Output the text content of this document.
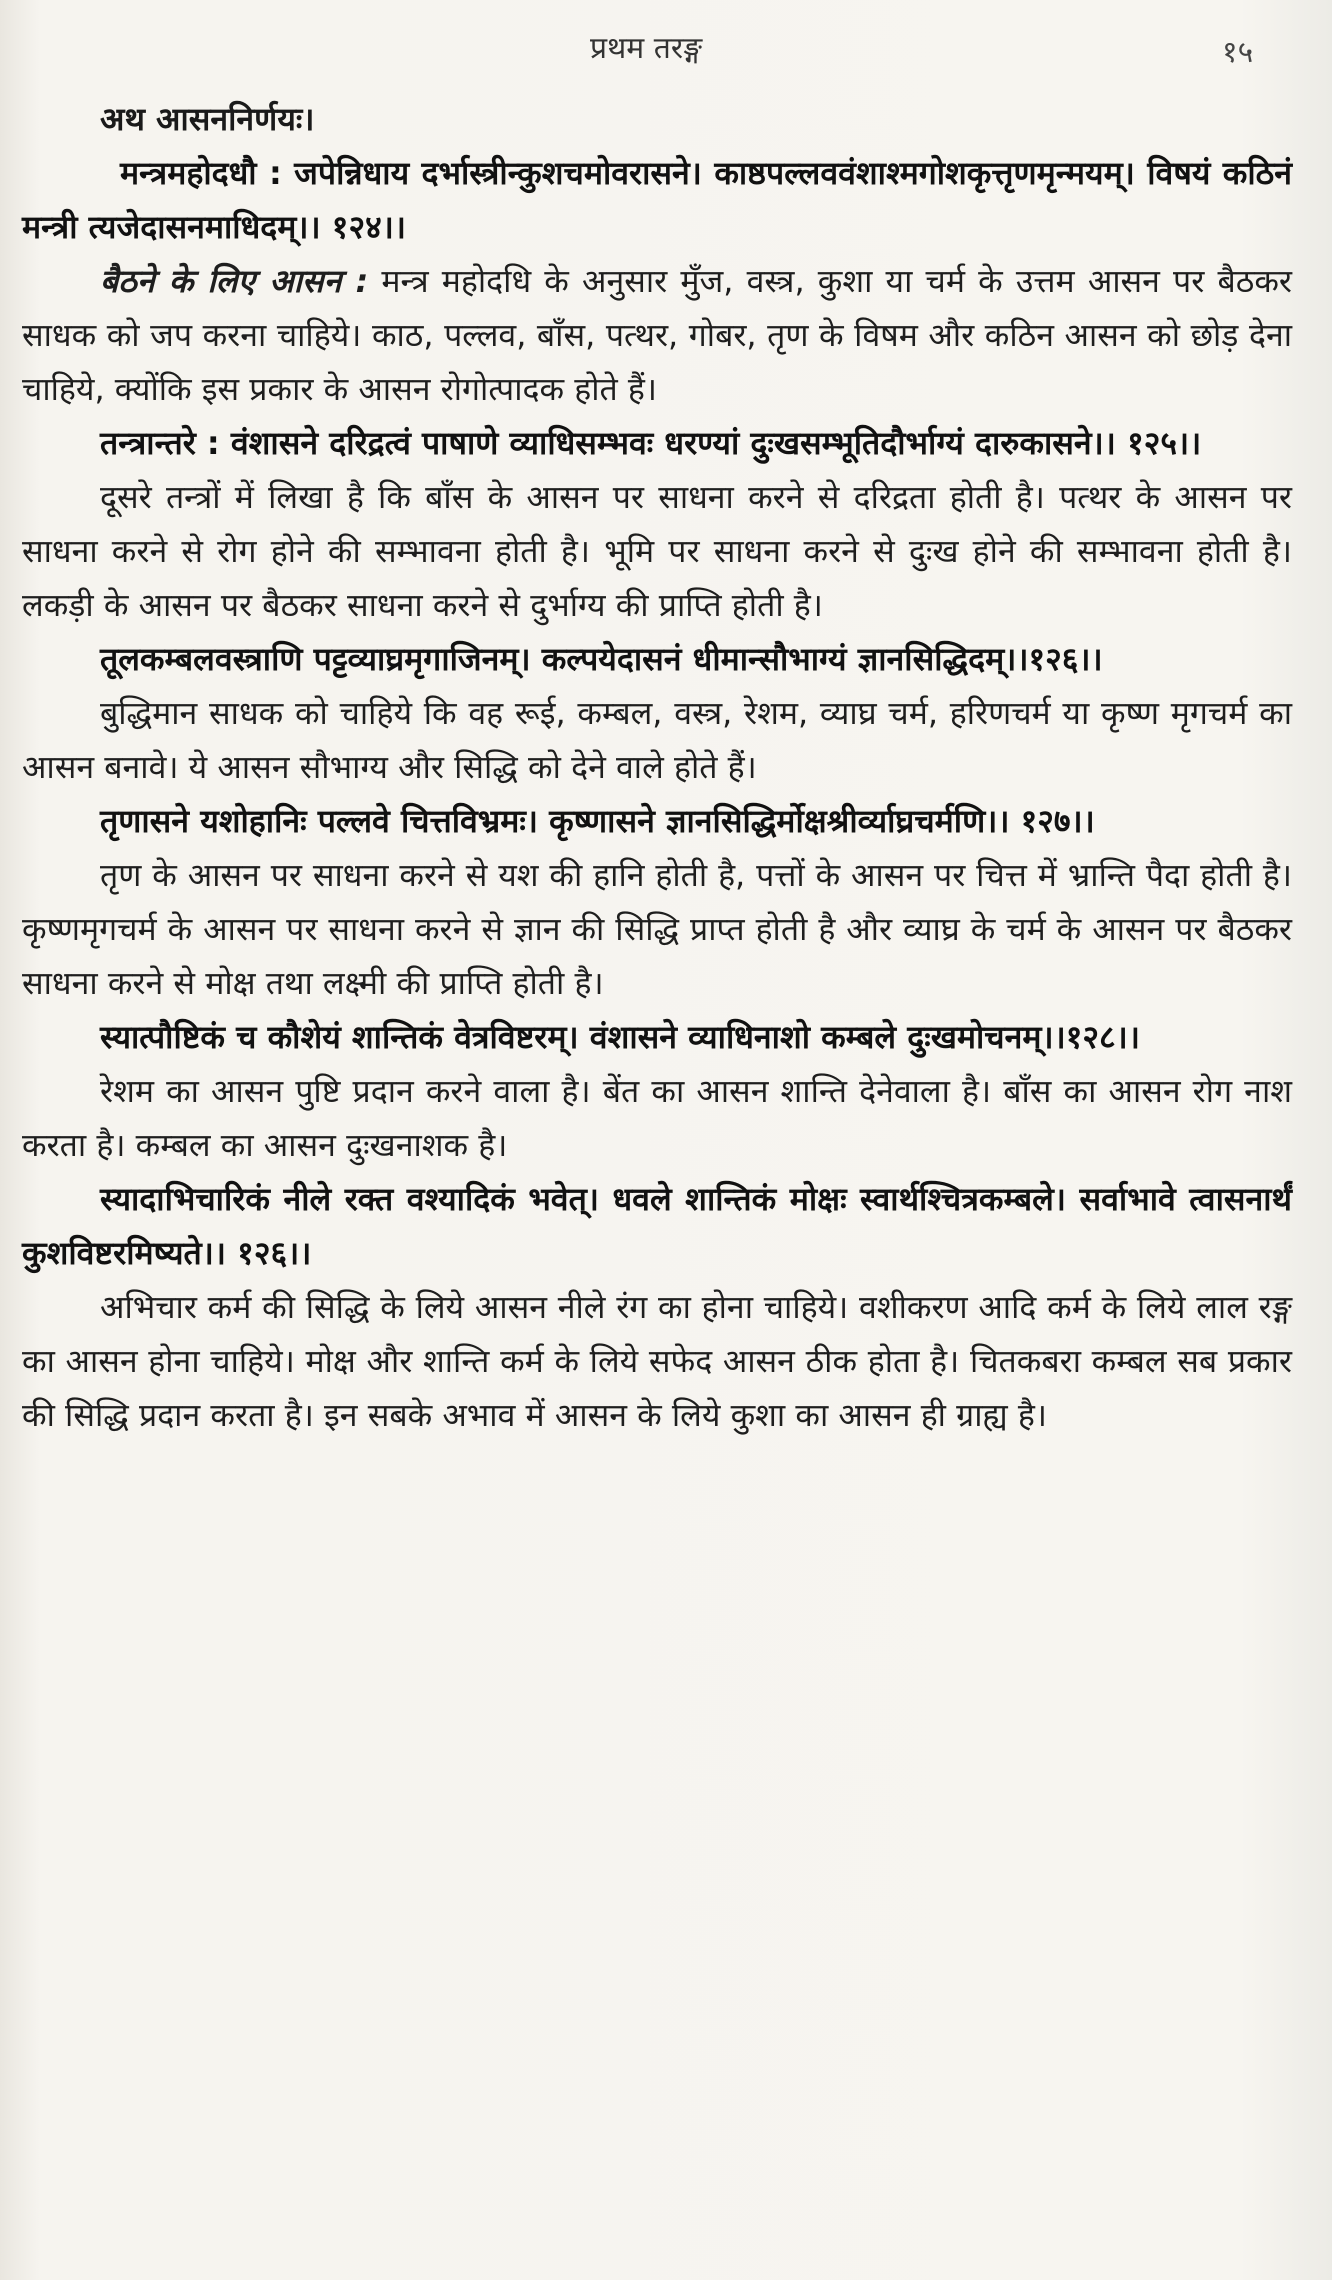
प्रथम तरङ्ग	१५

अथ आसननिर्णयः।

मन्त्रमहोदधौ : जपेन्निधाय दर्भास्त्रीन्कुशचमोवरासने। काष्ठपल्लववंशाश्मगोशकृत्तृणमृन्मयम्। विषयं कठिनं मन्त्री त्यजेदासनमाधिदम्।। १२४।।

बैठने के लिए आसन : मन्त्र महोदधि के अनुसार मुँज, वस्त्र, कुशा या चर्म के उत्तम आसन पर बैठकर साधक को जप करना चाहिये। काठ, पल्लव, बाँस, पत्थर, गोबर, तृण के विषम और कठिन आसन को छोड़ देना चाहिये, क्योंकि इस प्रकार के आसन रोगोत्पादक होते हैं।

तन्त्रान्तरे : वंशासने दरिद्रत्वं पाषाणे व्याधिसम्भवः धरण्यां दुःखसम्भूतिदौर्भाग्यं दारुकासने।। १२५।।

दूसरे तन्त्रों में लिखा है कि बाँस के आसन पर साधना करने से दरिद्रता होती है। पत्थर के आसन पर साधना करने से रोग होने की सम्भावना होती है। भूमि पर साधना करने से दुःख होने की सम्भावना होती है। लकड़ी के आसन पर बैठकर साधना करने से दुर्भाग्य की प्राप्ति होती है।

तूलकम्बलवस्त्राणि पट्टव्याघ्रमृगाजिनम्। कल्पयेदासनं धीमान्सौभाग्यं ज्ञानसिद्धिदम्।।१२६।।

बुद्धिमान साधक को चाहिये कि वह रूई, कम्बल, वस्त्र, रेशम, व्याघ्र चर्म, हरिणचर्म या कृष्ण मृगचर्म का आसन बनावे। ये आसन सौभाग्य और सिद्धि को देने वाले होते हैं।

तृणासने यशोहानिः पल्लवे चित्तविभ्रमः। कृष्णासने ज्ञानसिद्धिर्मोक्षश्रीर्व्याघ्रचर्मणि।। १२७।।

तृण के आसन पर साधना करने से यश की हानि होती है, पत्तों के आसन पर चित्त में भ्रान्ति पैदा होती है। कृष्णमृगचर्म के आसन पर साधना करने से ज्ञान की सिद्धि प्राप्त होती है और व्याघ्र के चर्म के आसन पर बैठकर साधना करने से मोक्ष तथा लक्ष्मी की प्राप्ति होती है।

स्यात्पौष्टिकं च कौशेयं शान्तिकं वेत्रविष्टरम्। वंशासने व्याधिनाशो कम्बले दुःखमोचनम्।।१२८।।

रेशम का आसन पुष्टि प्रदान करने वाला है। बेंत का आसन शान्ति देनेवाला है। बाँस का आसन रोग नाश करता है। कम्बल का आसन दुःखनाशक है।

स्यादाभिचारिकं नीले रक्त वश्यादिकं भवेत्। धवले शान्तिकं मोक्षः स्वार्थश्चित्रकम्बले। सर्वाभावे त्वासनार्थं कुशविष्टरमिष्यते।। १२६।।

अभिचार कर्म की सिद्धि के लिये आसन नीले रंग का होना चाहिये। वशीकरण आदि कर्म के लिये लाल रङ्ग का आसन होना चाहिये। मोक्ष और शान्ति कर्म के लिये सफेद आसन ठीक होता है। चितकबरा कम्बल सब प्रकार की सिद्धि प्रदान करता है। इन सबके अभाव में आसन के लिये कुशा का आसन ही ग्राह्य है।
